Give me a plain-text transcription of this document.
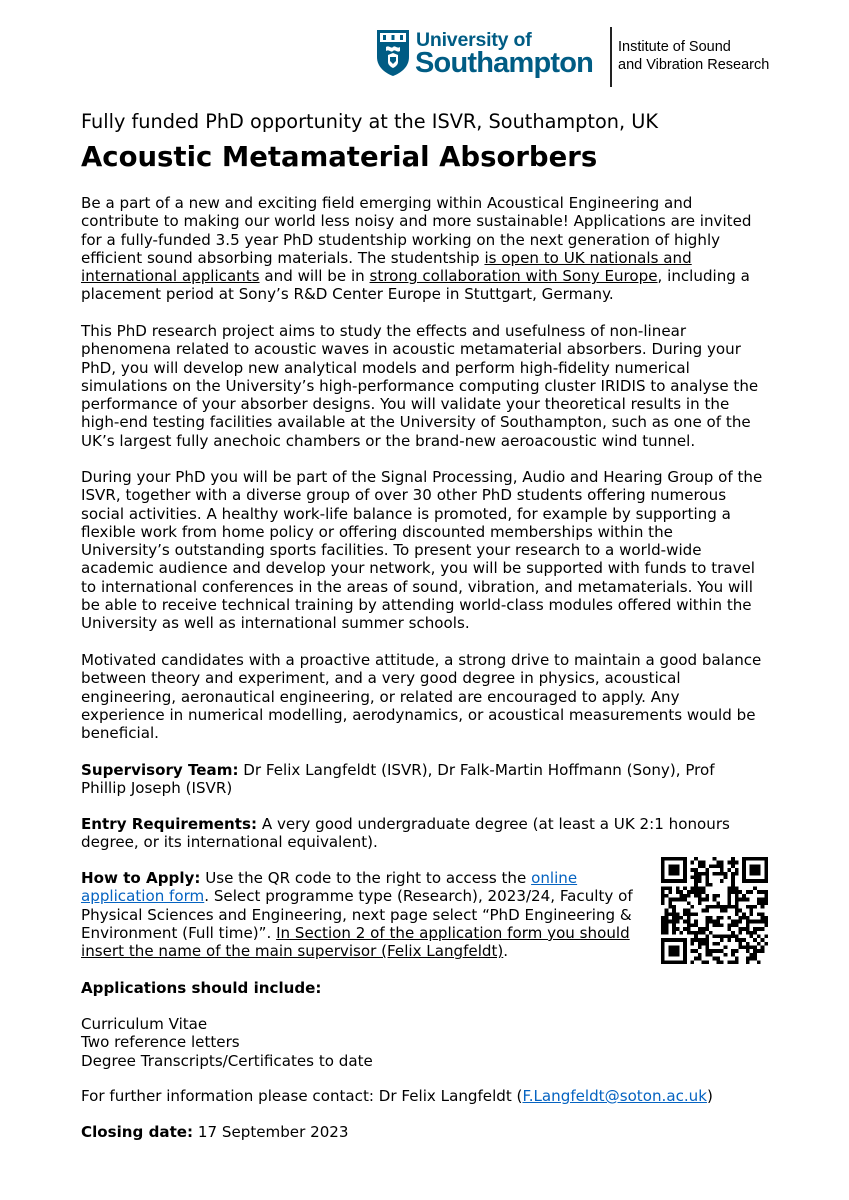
University of
Southampton Institute of Sound
and Vibration Research
Fully funded PhD opportunity at the ISVR, Southampton, UK
Acoustic Metamaterial Absorbers

Be a part of a new and exciting field emerging within Acoustical Engineering and contribute to making our world less noisy and more sustainable! Applications are invited for a fully-funded 3.5 year PhD studentship working on the next generation of highly efficient sound absorbing materials. The studentship is open to UK nationals and international applicants and will be in strong collaboration with Sony Europe, including a placement period at Sony’s R&D Center Europe in Stuttgart, Germany.

This PhD research project aims to study the effects and usefulness of non-linear phenomena related to acoustic waves in acoustic metamaterial absorbers. During your PhD, you will develop new analytical models and perform high-fidelity numerical simulations on the University’s high-performance computing cluster IRIDIS to analyse the performance of your absorber designs. You will validate your theoretical results in the high-end testing facilities available at the University of Southampton, such as one of the UK’s largest fully anechoic chambers or the brand-new aeroacoustic wind tunnel.

During your PhD you will be part of the Signal Processing, Audio and Hearing Group of the ISVR, together with a diverse group of over 30 other PhD students offering numerous social activities. A healthy work-life balance is promoted, for example by supporting a flexible work from home policy or offering discounted memberships within the University’s outstanding sports facilities. To present your research to a world-wide academic audience and develop your network, you will be supported with funds to travel to international conferences in the areas of sound, vibration, and metamaterials. You will be able to receive technical training by attending world-class modules offered within the University as well as international summer schools.

Motivated candidates with a proactive attitude, a strong drive to maintain a good balance between theory and experiment, and a very good degree in physics, acoustical engineering, aeronautical engineering, or related are encouraged to apply. Any experience in numerical modelling, aerodynamics, or acoustical measurements would be beneficial.

Supervisory Team: Dr Felix Langfeldt (ISVR), Dr Falk-Martin Hoffmann (Sony), Prof Phillip Joseph (ISVR)

Entry Requirements: A very good undergraduate degree (at least a UK 2:1 honours degree, or its international equivalent).

How to Apply: Use the QR code to the right to access the online application form. Select programme type (Research), 2023/24, Faculty of Physical Sciences and Engineering, next page select “PhD Engineering & Environment (Full time)”. In Section 2 of the application form you should insert the name of the main supervisor (Felix Langfeldt).

Applications should include:

Curriculum Vitae
Two reference letters
Degree Transcripts/Certificates to date

For further information please contact: Dr Felix Langfeldt (F.Langfeldt@soton.ac.uk)

Closing date: 17 September 2023
